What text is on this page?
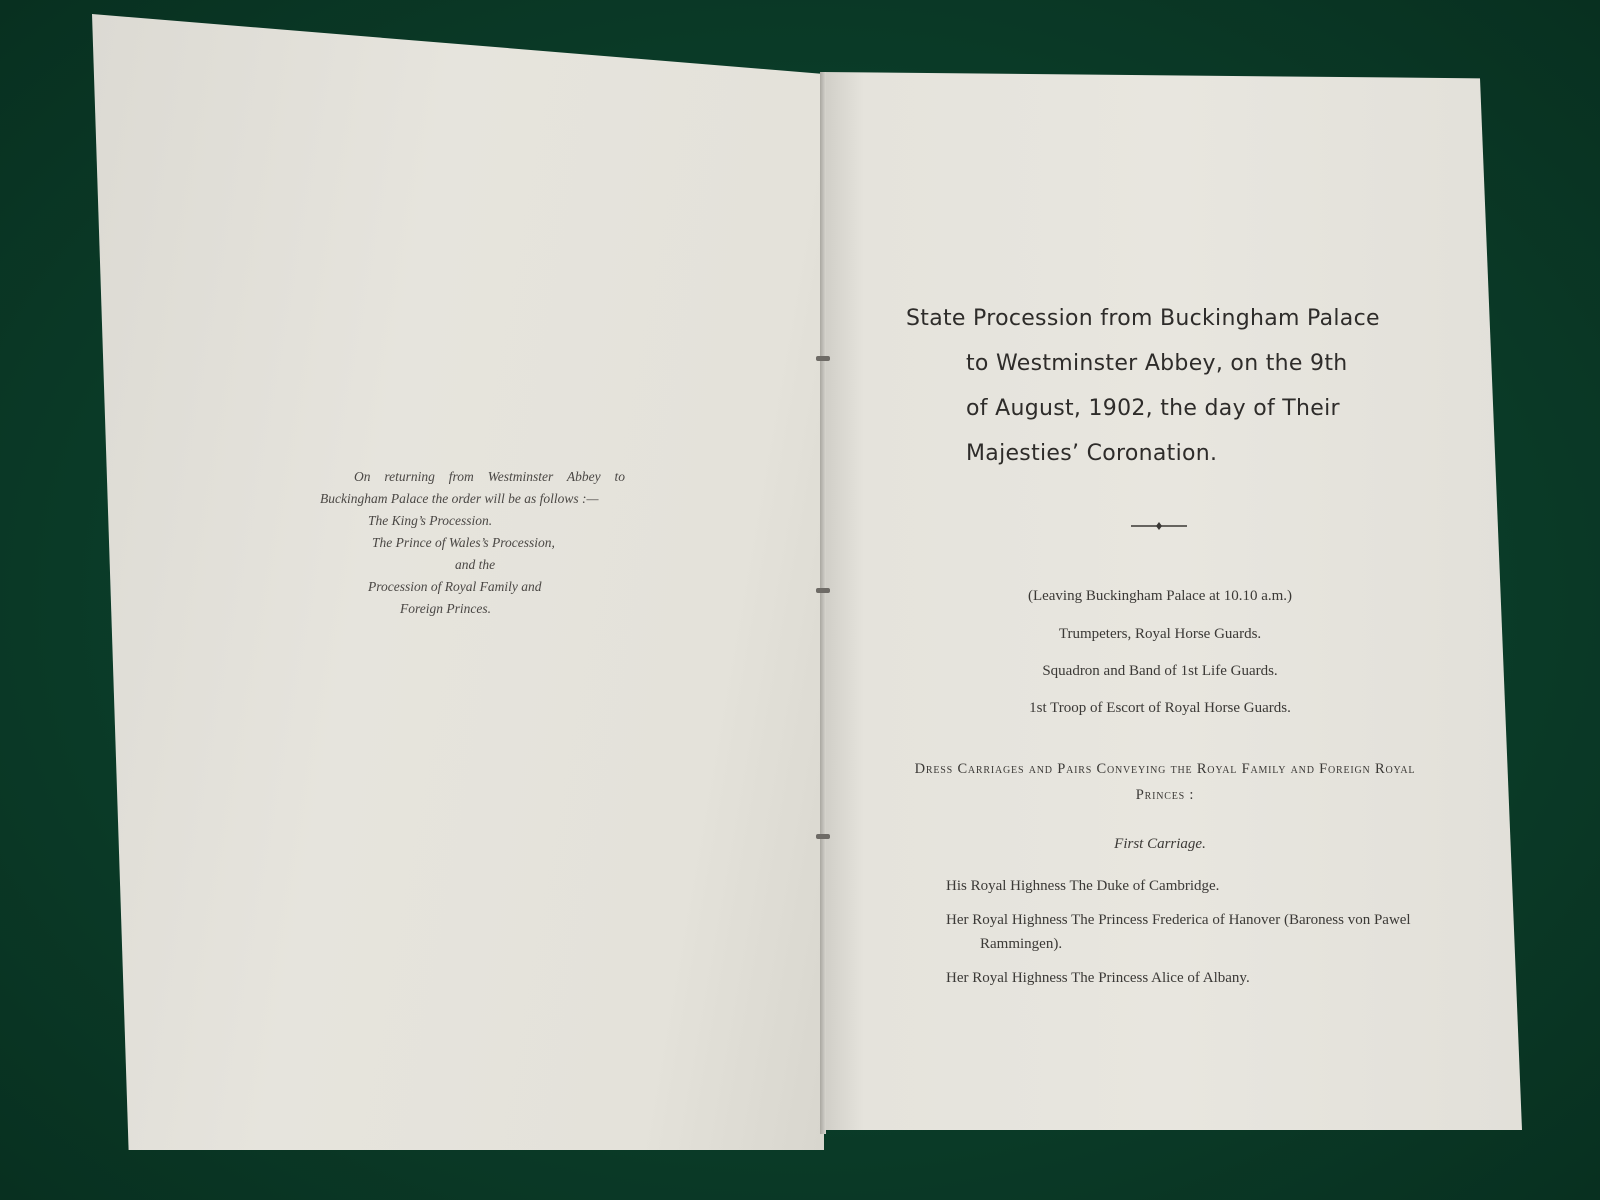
On returning from Westminster Abbey to Buckingham Palace the order will be as follows :—

The King’s Procession.

The Prince of Wales’s Procession,

and the

Procession of Royal Family and

Foreign Princes.

State Procession from Buckingham Palace
to Westminster Abbey, on the 9th
of August, 1902, the day of Their
Majesties’ Coronation.
(Leaving Buckingham Palace at 10.10 a.m.)
Trumpeters, Royal Horse Guards.
Squadron and Band of 1st Life Guards.
1st Troop of Escort of Royal Horse Guards.
Dress Carriages and Pairs Conveying the Royal Family and Foreign Royal Princes :
First Carriage.
His Royal Highness The Duke of Cambridge.
Her Royal Highness The Princess Frederica of Hanover (Baroness von Pawel Rammingen).
Her Royal Highness The Princess Alice of Albany.
